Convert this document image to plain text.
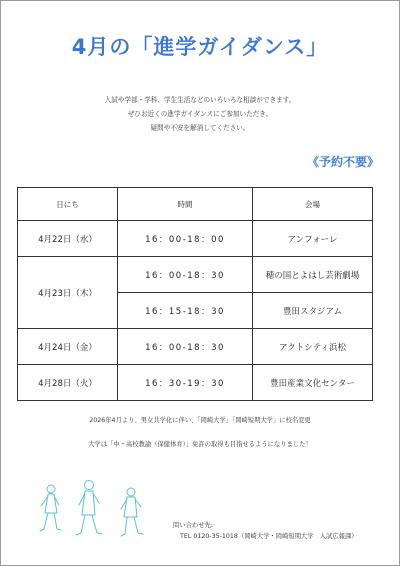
4月の「進学ガイダンス」
入試や学部・学科、学生生活などのいろいろな相談ができます。
ぜひお近くの進学ガイダンスにご参加いただき、
疑問や不安を解消してください。
《予約不要》
日にち	時間	会場
4月22日（水）	16：00-18：00	アンフォーレ
4月23日（木）	16：00-18：30	穂の国とよはし芸術劇場
	16：15-18：30	豊田スタジアム
4月24日（金）	16：00-18：30	アクトシティ浜松
4月28日（火）	16：30-19：30	豊田産業文化センター
2026年4月より、男女共学化に伴い、「岡崎大学」「岡崎短期大学」に校名変更
大学は「中・高校教諭（保健体育）」免許の取得も目指せるようになりました！
問い合わせ先:
TEL 0120-35-1018（岡崎大学・岡崎短期大学　入試広報課）
